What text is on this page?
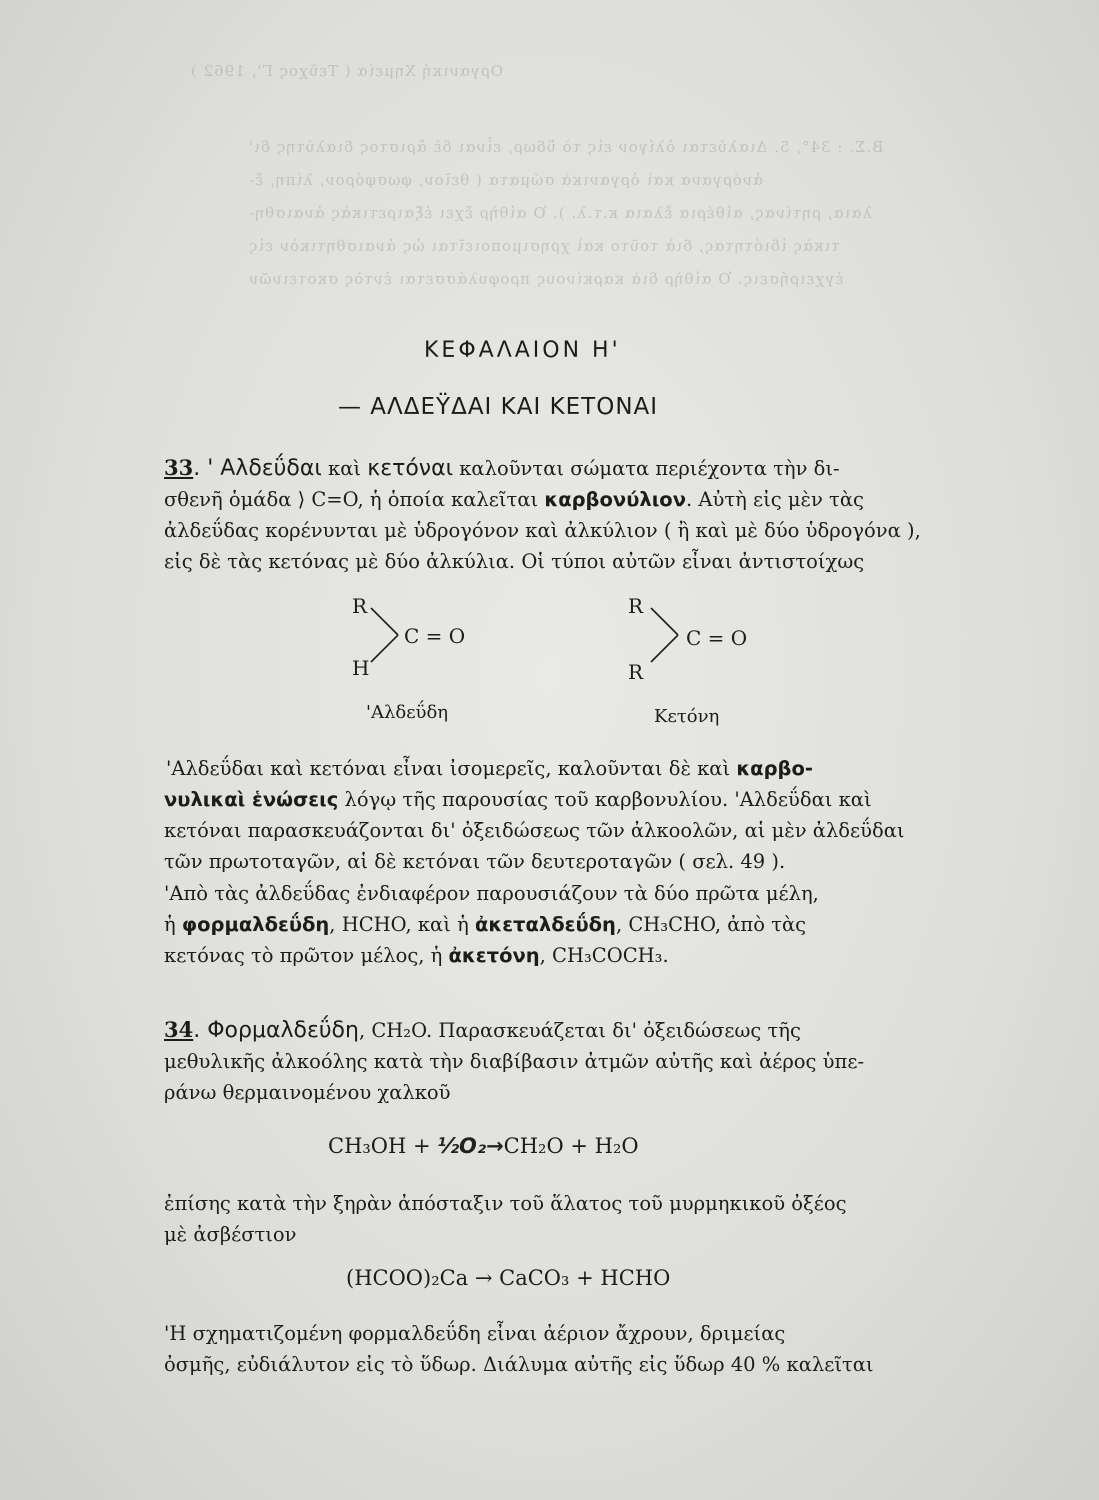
Οργανική Χημεία ( Τεῦχος Γ', 1962 )
Β.Σ. : 34°, 5. Διαλύεται ὀλίγον εἰς τὸ ὕδωρ, εἶναι δὲ ἄριστος διαλύτης δι'
ἀνόργανα καὶ ὀργανικὰ σώματα ( θεῖον, φωσφόρον, λίπη, ἔ-
λαια, ρητίνας, αἰθέρια ἔλαια κ.τ.λ. ). Ὁ αἰθὴρ ἔχει ἐξαιρετικὰς ἀναισθη-
τικὰς ἰδιότητας, διὰ τοῦτο καὶ χρησιμοποιεῖται ὡς ἀναισθητικὸν εἰς
ἐγχειρήσεις. Ὁ αἰθὴρ διὰ καρκίνους προφυλάσσεται ἐντὸς σκοτεινῶν
ΚΕΦΑΛΑΙΟΝ Η'
— ΑΛΔΕΫΔΑΙ ΚΑΙ ΚΕΤΟΝΑΙ
33. ' Αλδεΰδαι καὶ κετόναι καλοῦνται σώματα περιέχοντα τὴν δι-
σθενῆ ὁμάδα ⟩ C=O, ἡ ὁποία καλεῖται καρβονύλιον. Αὐτὴ εἰς μὲν τὰς
ἀλδεΰδας κορένυνται μὲ ὑδρογόνον καὶ ἀλκύλιον ( ἢ καὶ μὲ δύο ὑδρογόνα ),
εἰς δὲ τὰς κετόνας μὲ δύο ἀλκύλια. Οἱ τύποι αὐτῶν εἶναι ἀντιστοίχως
R
H
C = O
'Αλδεΰδη
R
R
C = O
Κετόνη
'Αλδεΰδαι καὶ κετόναι εἶναι ἰσομερεῖς, καλοῦνται δὲ καὶ καρβο-
νυλικαὶ ἑνώσεις λόγῳ τῆς παρουσίας τοῦ καρβονυλίου. 'Αλδεΰδαι καὶ
κετόναι παρασκευάζονται δι' ὀξειδώσεως τῶν ἀλκοολῶν, αἱ μὲν ἀλδεΰδαι
τῶν πρωτοταγῶν, αἱ δὲ κετόναι τῶν δευτεροταγῶν ( σελ. 49 ).
'Απὸ τὰς ἀλδεΰδας ἐνδιαφέρον παρουσιάζουν τὰ δύο πρῶτα μέλη,
ἡ φορμαλδεΰδη, HCHO, καὶ ἡ ἀκεταλδεΰδη, CH₃CHO, ἀπὸ τὰς
κετόνας τὸ πρῶτον μέλος, ἡ ἀκετόνη, CH₃COCH₃.
34. Φορμαλδεΰδη, CH₂O. Παρασκευάζεται δι' ὀξειδώσεως τῆς
μεθυλικῆς ἀλκοόλης κατὰ τὴν διαβίβασιν ἀτμῶν αὐτῆς καὶ ἀέρος ὑπε-
ράνω θερμαινομένου χαλκοῦ
CH₃OH + ½O₂→CH₂O + H₂O
ἐπίσης κατὰ τὴν ξηρὰν ἀπόσταξιν τοῦ ἅλατος τοῦ μυρμηκικοῦ ὀξέος
μὲ ἀσβέστιον
(HCOO)₂Ca → CaCO₃ + HCHO
'Η σχηματιζομένη φορμαλδεΰδη εἶναι ἀέριον ἄχρουν, δριμείας
ὀσμῆς, εὐδιάλυτον εἰς τὸ ὕδωρ. Διάλυμα αὐτῆς εἰς ὕδωρ 40 % καλεῖται
